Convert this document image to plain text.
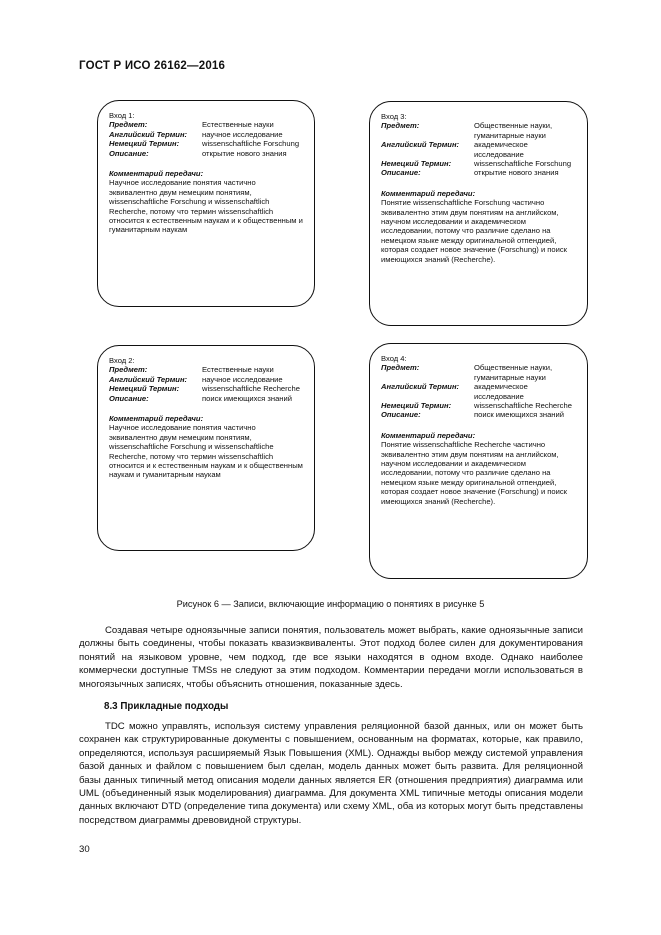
ГОСТ Р ИСО 26162—2016
Вход 1:
Предмет:	Естественные науки
Английский Термин:	научное исследование
Немецкий Термин:	wissenschaftliche Forschung
Описание:	открытие нового знания
Комментарий передачи:
Научное исследование понятия частично эквивалентно двум немецким понятиям, wissenschaftliche Forschung и wissenschaftlich Recherche, потому что термин wissenschaftlich относится к естественным наукам и к общественным и гуманитарным наукам
Вход 3:
Предмет:	Общественные науки, гуманитарные науки
Английский Термин:	академическое исследование
Немецкий Термин:	wissenschaftliche Forschung
Описание:	открытие нового знания
Комментарий передачи:
Понятие wissenschaftliche Forschung частично эквивалентно этим двум понятиям на английском, научном исследовании и академическом исследовании, потому что различие сделано на немецком языке между оригинальной отпендией, которая создает новое значение (Forschung) и поиск имеющихся знаний (Recherche).
Вход 2:
Предмет:	Естественные науки
Английский Термин:	научное исследование
Немецкий Термин:	wissenschaftliche Recherche
Описание:	поиск имеющихся знаний
Комментарий передачи:
Научное исследование понятия частично эквивалентно двум немецким понятиям, wissenschaftliche Forschung и wissenschaftliche Recherche, потому что термин wissenschaftlich относится и к естественным наукам и к общественным наукам и гуманитарным наукам
Вход 4:
Предмет:	Общественные науки, гуманитарные науки
Английский Термин:	академическое исследование
Немецкий Термин:	wissenschaftliche Recherche
Описание:	поиск имеющихся знаний
Комментарий передачи:
Понятие wissenschaftliche Recherche частично эквивалентно этим двум понятиям на английском, научном исследовании и академическом исследовании, потому что различие сделано на немецком языке между оригинальной отпендией, которая создает новое значение (Forschung) и поиск имеющихся знаний (Recherche).
Рисунок 6 — Записи, включающие информацию о понятиях в рисунке 5

Создавая четыре одноязычные записи понятия, пользователь может выбрать, какие одноязычные записи должны быть соединены, чтобы показать квазиэквиваленты. Этот подход более силен для документирования понятий на языковом уровне, чем подход, где все языки находятся в одном входе. Однако наиболее коммерчески доступные TMSs не следуют за этим подходом. Комментарии передачи могли использоваться в многоязычных записях, чтобы объяснить отношения, показанные здесь.

8.3 Прикладные подходы

TDC можно управлять, используя систему управления реляционной базой данных, или он может быть сохранен как структурированные документы с повышением, основанным на форматах, которые, как правило, определяются, используя расширяемый Язык Повышения (XML). Однажды выбор между системой управления базой данных и файлом с повышением был сделан, модель данных может быть развита. Для реляционной базы данных типичный метод описания модели данных является ER (отношения предприятия) диаграмма или UML (объединенный язык моделирования) диаграмма. Для документа XML типичные методы описания модели данных включают DTD (определение типа документа) или схему XML, оба из которых могут быть представлены посредством диаграммы древовидной структуры.

30
